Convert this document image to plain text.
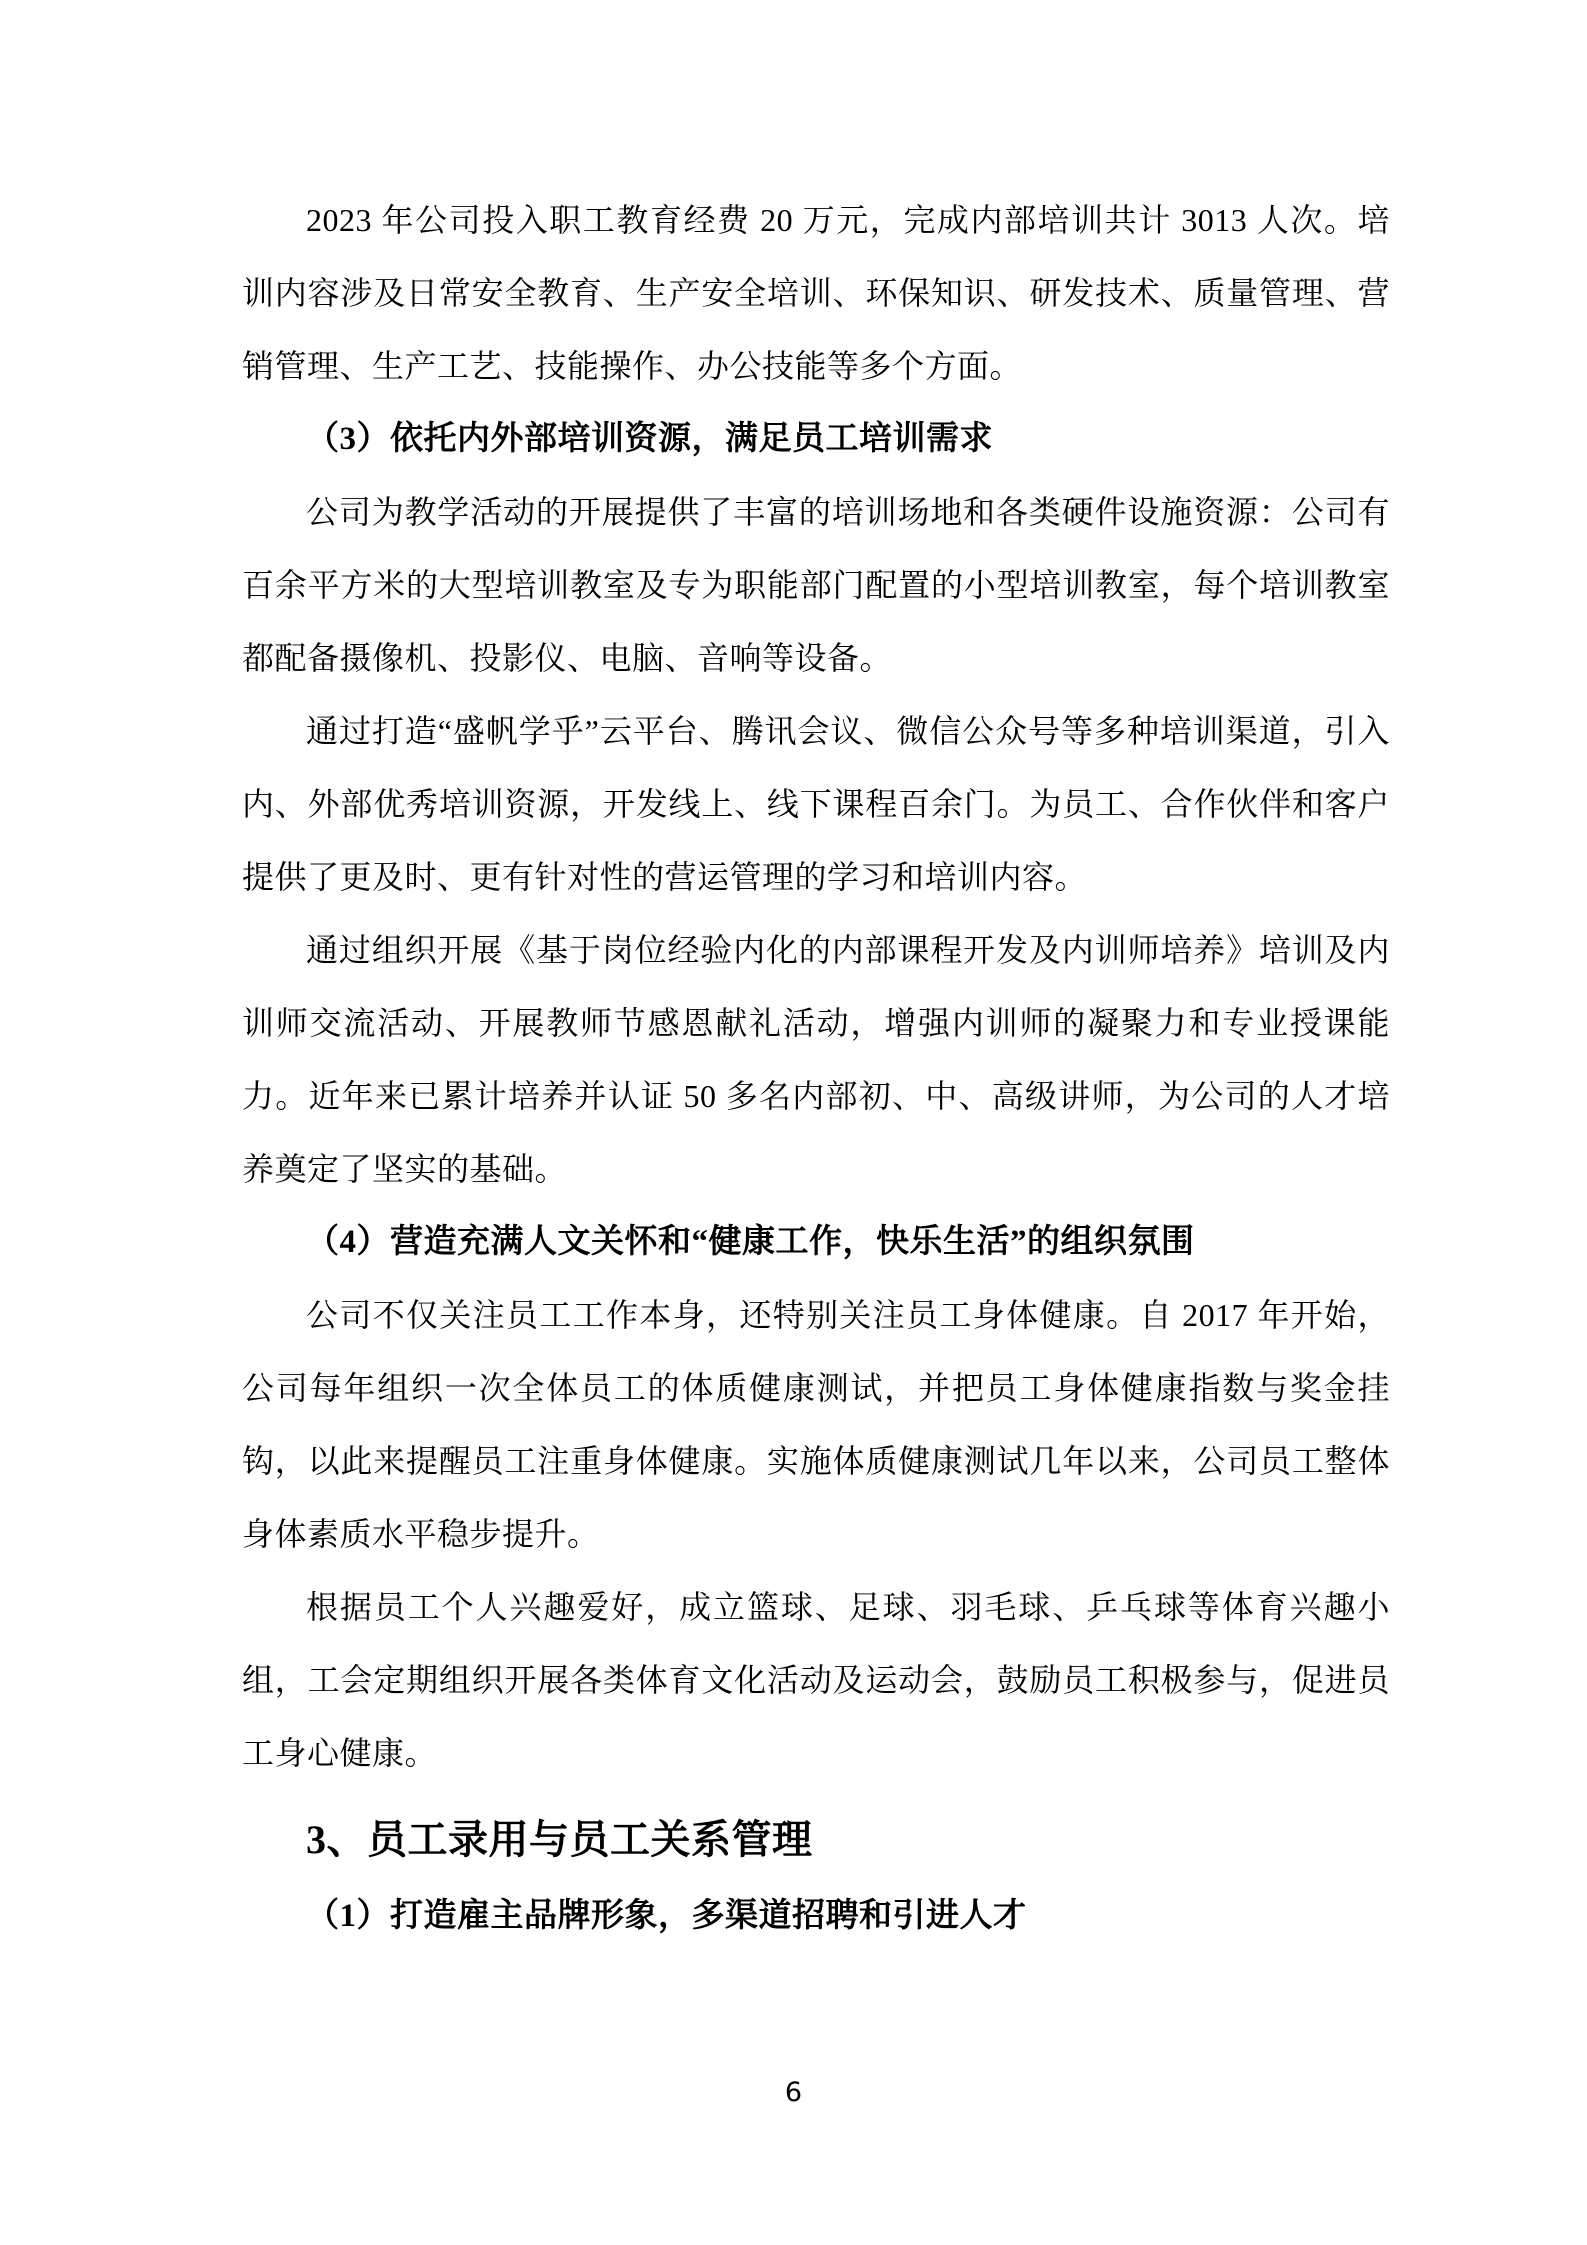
2023 年公司投入职工教育经费 20 万元，完成内部培训共计 3013 人次。培训内容涉及日常安全教育、生产安全培训、环保知识、研发技术、质量管理、营销管理、生产工艺、技能操作、办公技能等多个方面。

（3）依托内外部培训资源，满足员工培训需求

公司为教学活动的开展提供了丰富的培训场地和各类硬件设施资源：公司有百余平方米的大型培训教室及专为职能部门配置的小型培训教室，每个培训教室都配备摄像机、投影仪、电脑、音响等设备。

通过打造“盛帆学乎”云平台、腾讯会议、微信公众号等多种培训渠道，引入内、外部优秀培训资源，开发线上、线下课程百余门。为员工、合作伙伴和客户提供了更及时、更有针对性的营运管理的学习和培训内容。

通过组织开展《基于岗位经验内化的内部课程开发及内训师培养》培训及内训师交流活动、开展教师节感恩献礼活动，增强内训师的凝聚力和专业授课能力。近年来已累计培养并认证 50 多名内部初、中、高级讲师，为公司的人才培养奠定了坚实的基础。

（4）营造充满人文关怀和“健康工作，快乐生活”的组织氛围

公司不仅关注员工工作本身，还特别关注员工身体健康。自 2017 年开始，公司每年组织一次全体员工的体质健康测试，并把员工身体健康指数与奖金挂钩，以此来提醒员工注重身体健康。实施体质健康测试几年以来，公司员工整体身体素质水平稳步提升。

根据员工个人兴趣爱好，成立篮球、足球、羽毛球、乒乓球等体育兴趣小组，工会定期组织开展各类体育文化活动及运动会，鼓励员工积极参与，促进员工身心健康。

3、员工录用与员工关系管理

（1）打造雇主品牌形象，多渠道招聘和引进人才

6
